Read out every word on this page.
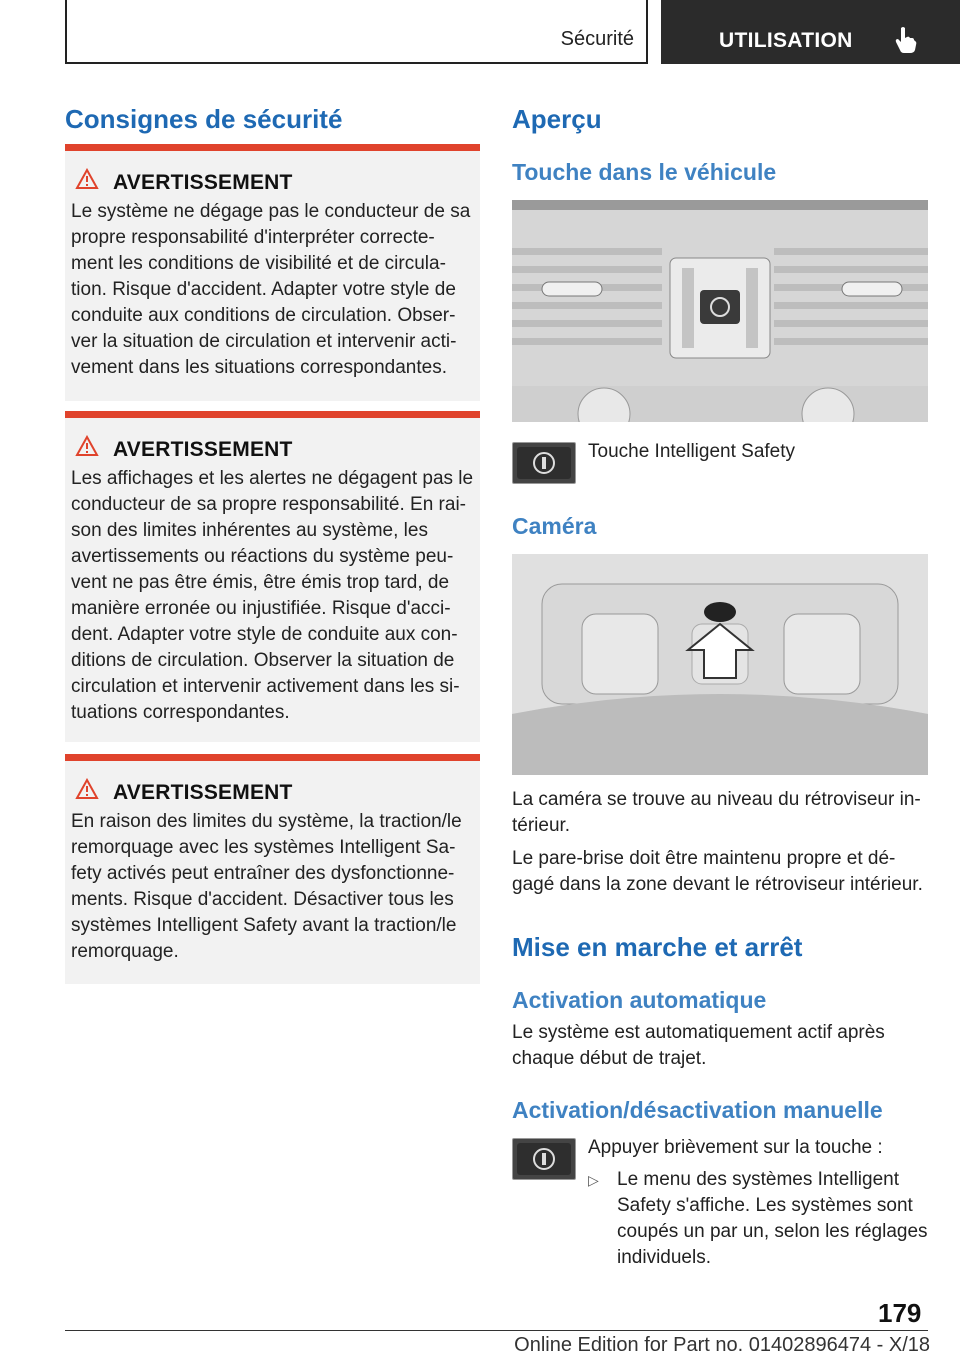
Sécurité	UTILISATION
Consignes de sécurité
AVERTISSEMENT
Le système ne dégage pas le conducteur de sa
propre responsabilité d'interpréter correcte-
ment les conditions de visibilité et de circula-
tion. Risque d'accident. Adapter votre style de
conduite aux conditions de circulation. Obser-
ver la situation de circulation et intervenir acti-
vement dans les situations correspondantes.
AVERTISSEMENT
Les affichages et les alertes ne dégagent pas le
conducteur de sa propre responsabilité. En rai-
son des limites inhérentes au système, les
avertissements ou réactions du système peu-
vent ne pas être émis, être émis trop tard, de
manière erronée ou injustifiée. Risque d'acci-
dent. Adapter votre style de conduite aux con-
ditions de circulation. Observer la situation de
circulation et intervenir activement dans les si-
tuations correspondantes.
AVERTISSEMENT
En raison des limites du système, la traction/le
remorquage avec les systèmes Intelligent Sa-
fety activés peut entraîner des dysfonctionne-
ments. Risque d'accident. Désactiver tous les
systèmes Intelligent Safety avant la traction/le
remorquage.
Aperçu
Touche dans le véhicule
Touche Intelligent Safety
Caméra
La caméra se trouve au niveau du rétroviseur in-
térieur.
Le pare-brise doit être maintenu propre et dé-
gagé dans la zone devant le rétroviseur intérieur.
Mise en marche et arrêt
Activation automatique
Le système est automatiquement actif après
chaque début de trajet.
Activation/désactivation manuelle
Appuyer brièvement sur la touche :
▷ Le menu des systèmes Intelligent
Safety s'affiche. Les systèmes sont
coupés un par un, selon les réglages
individuels.
179
Online Edition for Part no. 01402896474 - X/18
